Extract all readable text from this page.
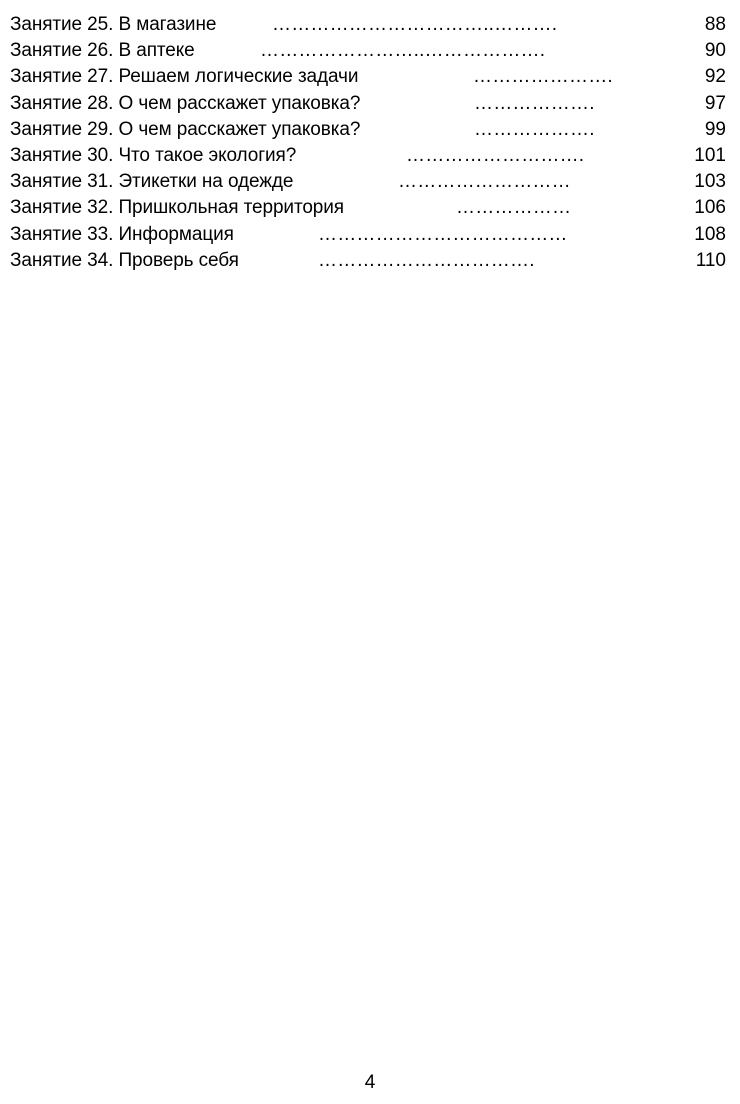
Занятие 25. В магазине	……………………………..……….	88
Занятие 26. В аптеке	……………………..……………….	90
Занятие 27. Решаем логические задачи	………………….	92
Занятие 28. О чем расскажет упаковка?	……………….	97
Занятие 29. О чем расскажет упаковка?	……………….	99
Занятие 30. Что такое экология?	……………………….	101
Занятие 31. Этикетки на одежде	………………………	103
Занятие 32. Пришкольная территория	………………	106
Занятие 33. Информация	…………………………………	108
Занятие 34. Проверь себя	…………………………….	110
4
